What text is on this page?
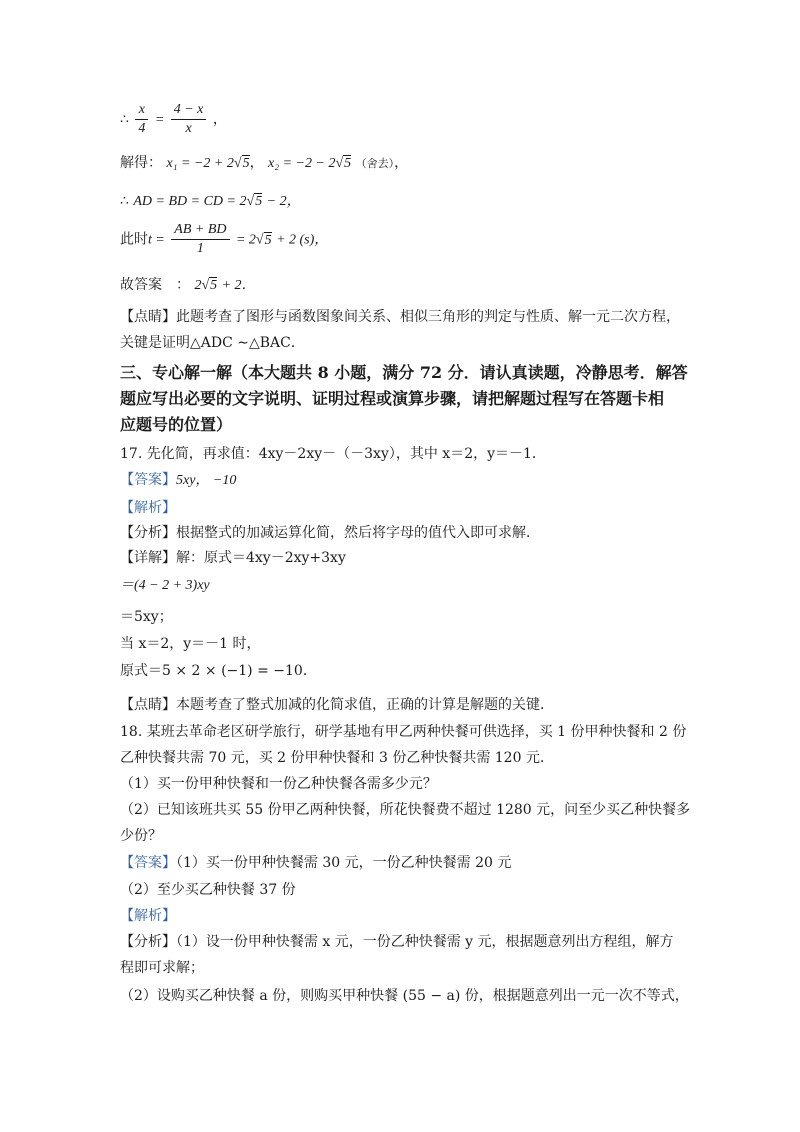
∴ $\frac{x}{4} = \frac{4 - x}{x}$ ，
解得： x₁ = −2 + 2√5， x₂ = −2 − 2√5 （舍去），
∴ AD = BD = CD = 2√5 − 2，
此时$t = \frac{AB + BD}{1} = 2√5 + 2$ (s)，
故答案　： 2√5 + 2．
【点睛】此题考查了图形与函数图象间关系、相似三角形的判定与性质、解一元二次方程，
关键是证明△ADC ∼△BAC．
三、专心解一解（本大题共 8 小题，满分 72 分．请认真读题，冷静思考．解答
题应写出必要的文字说明、证明过程或演算步骤，请把解题过程写在答题卡相
应题号的位置）
17. 先化简，再求值：4xy－2xy－（－3xy），其中 x＝2，y＝－1．
【答案】5xy， −10
【解析】
【分析】根据整式的加减运算化简，然后将字母的值代入即可求解．
【详解】解：原式＝4xy－2xy+3xy
＝(4 − 2 + 3)xy
＝5xy；
当 x＝2，y＝－1 时，
原式＝5 × 2 × (−1) = −10．
【点睛】本题考查了整式加减的化简求值，正确的计算是解题的关键．
18. 某班去革命老区研学旅行，研学基地有甲乙两种快餐可供选择，买 1 份甲种快餐和 2 份
乙种快餐共需 70 元，买 2 份甲种快餐和 3 份乙种快餐共需 120 元．
（1）买一份甲种快餐和一份乙种快餐各需多少元？
（2）已知该班共买 55 份甲乙两种快餐，所花快餐费不超过 1280 元，问至少买乙种快餐多
少份？
【答案】（1）买一份甲种快餐需 30 元，一份乙种快餐需 20 元
（2）至少买乙种快餐 37 份
【解析】
【分析】（1）设一份甲种快餐需 x 元，一份乙种快餐需 y 元，根据题意列出方程组，解方
程即可求解；
（2）设购买乙种快餐 a 份，则购买甲种快餐 (55 − a) 份，根据题意列出一元一次不等式，
